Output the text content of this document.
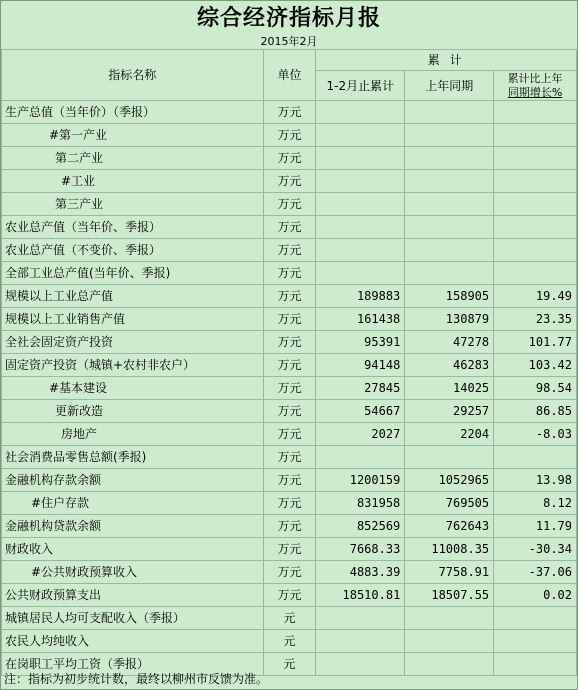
综合经济指标月报
2015年2月
指标名称	单位	累 计		
		1-2月止累计	上年同期	累计比上年
同期增长%

生产总值（当年价）（季报）	万元			
#第一产业	万元			
第二产业	万元			
#工业	万元			
第三产业	万元			
农业总产值（当年价、季报）	万元			
农业总产值（不变价、季报）	万元			
全部工业总产值(当年价、季报)	万元			
规模以上工业总产值	万元	189883	158905	19.49
规模以上工业销售产值	万元	161438	130879	23.35
全社会固定资产投资	万元	95391	47278	101.77
固定资产投资（城镇+农村非农户）	万元	94148	46283	103.42
#基本建设	万元	27845	14025	98.54
更新改造	万元	54667	29257	86.85
房地产	万元	2027	2204	-8.03
社会消费品零售总额(季报)	万元			
金融机构存款余额	万元	1200159	1052965	13.98
#住户存款	万元	831958	769505	8.12
金融机构贷款余额	万元	852569	762643	11.79
财政收入	万元	7668.33	11008.35	-30.34
#公共财政预算收入	万元	4883.39	7758.91	-37.06
公共财政预算支出	万元	18510.81	18507.55	0.02
城镇居民人均可支配收入（季报）	元			
农民人均纯收入	元			
在岗职工平均工资（季报）	元			
注：指标为初步统计数，最终以柳州市反馈为准。
